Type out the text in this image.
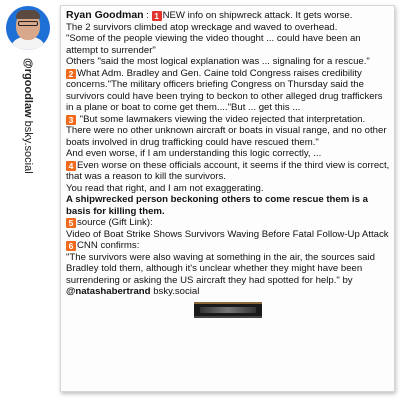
@rgoodlaw bsky.social

Ryan Goodman : 1 NEW info on shipwreck attack. It gets worse.

The 2 survivors climbed atop wreckage and waved to overhead.

"Some of the people viewing the video thought ... could have been an attempt to surrender"

Others "said the most logical explanation was ... signaling for a rescue."

2 What Adm. Bradley and Gen. Caine told Congress raises credibility concerns."The military officers briefing Congress on Thursday said the survivors could have been trying to beckon to other alleged drug traffickers in a plane or boat to come get them...."But ... get this ...

3 "But some lawmakers viewing the video rejected that interpretation. There were no other unknown aircraft or boats in visual range, and no other boats involved in drug trafficking could have rescued them."

And even worse, if I am understanding this logic correctly, ...

4 Even worse on these officials account, it seems if the third view is correct, that was a reason to kill the survivors.

You read that right, and I am not exaggerating.

A shipwrecked person beckoning others to come rescue them is a basis for killing them.

5 source (Gift Link):

Video of Boat Strike Shows Survivors Waving Before Fatal Follow-Up Attack

6 CNN confirms:

"The survivors were also waving at something in the air, the sources said Bradley told them, although it's unclear whether they might have been surrendering or asking the US aircraft they had spotted for help." by @natashabertrand bsky.social
